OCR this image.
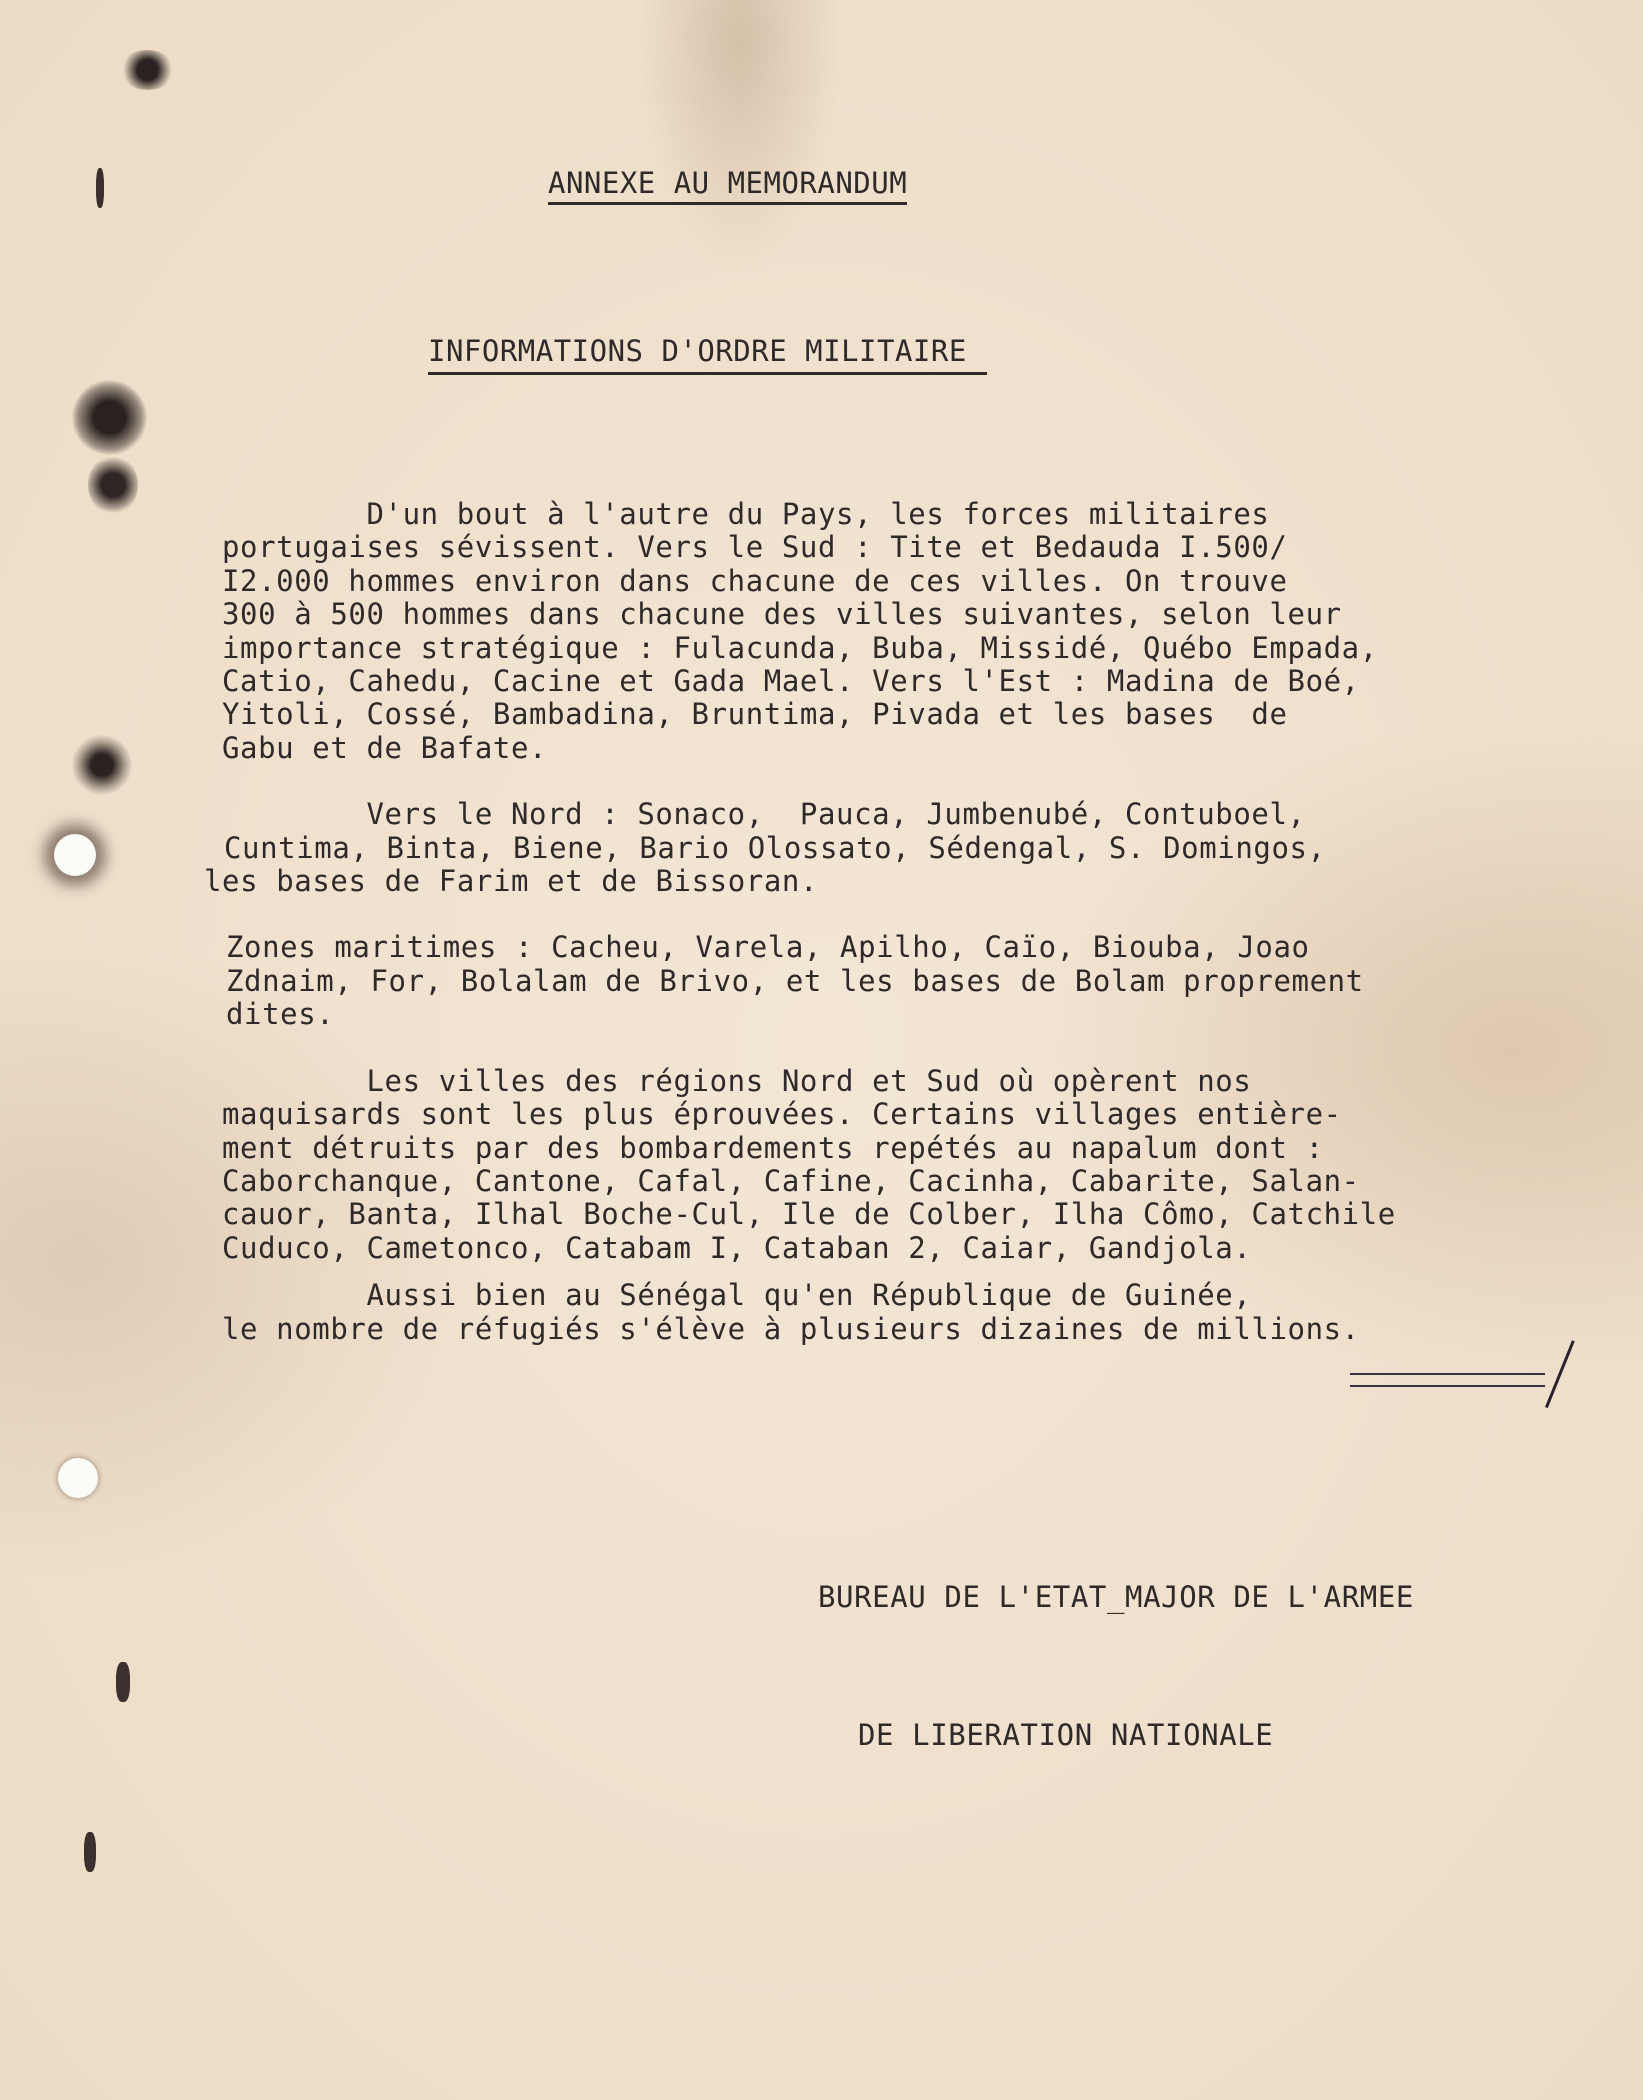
ANNEXE AU MEMORANDUM
INFORMATIONS D'ORDRE MILITAIRE

D'un bout à l'autre du Pays, les forces militaires

portugaises sévissent. Vers le Sud : Tite et Bedauda I.500/

I2.000 hommes environ dans chacune de ces villes. On trouve

300 à 500 hommes dans chacune des villes suivantes, selon leur

importance stratégique : Fulacunda, Buba, Missidé, Québo Empada,

Catio, Cahedu, Cacine et Gada Mael. Vers l'Est : Madina de Boé,

Yitoli, Cossé, Bambadina, Bruntima, Pivada et les bases  de

Gabu et de Bafate.

Vers le Nord : Sonaco,  Pauca, Jumbenubé, Contuboel,

Cuntima, Binta, Biene, Bario Olossato, Sédengal, S. Domingos,

les bases de Farim et de Bissoran.

Zones maritimes : Cacheu, Varela, Apilho, Caïo, Biouba, Joao

Zdnaim, For, Bolalam de Brivo, et les bases de Bolam proprement

dites.

Les villes des régions Nord et Sud où opèrent nos

maquisards sont les plus éprouvées. Certains villages entière-

ment détruits par des bombardements repétés au napalum dont :

Caborchanque, Cantone, Cafal, Cafine, Cacinha, Cabarite, Salan-

cauor, Banta, Ilhal Boche-Cul, Ile de Colber, Ilha Cômo, Catchile

Cuduco, Cametonco, Catabam I, Cataban 2, Caiar, Gandjola.

Aussi bien au Sénégal qu'en République de Guinée,

le nombre de réfugiés s'élève à plusieurs dizaines de millions.

BUREAU DE L'ETAT_MAJOR DE L'ARMEE

DE LIBERATION NATIONALE
